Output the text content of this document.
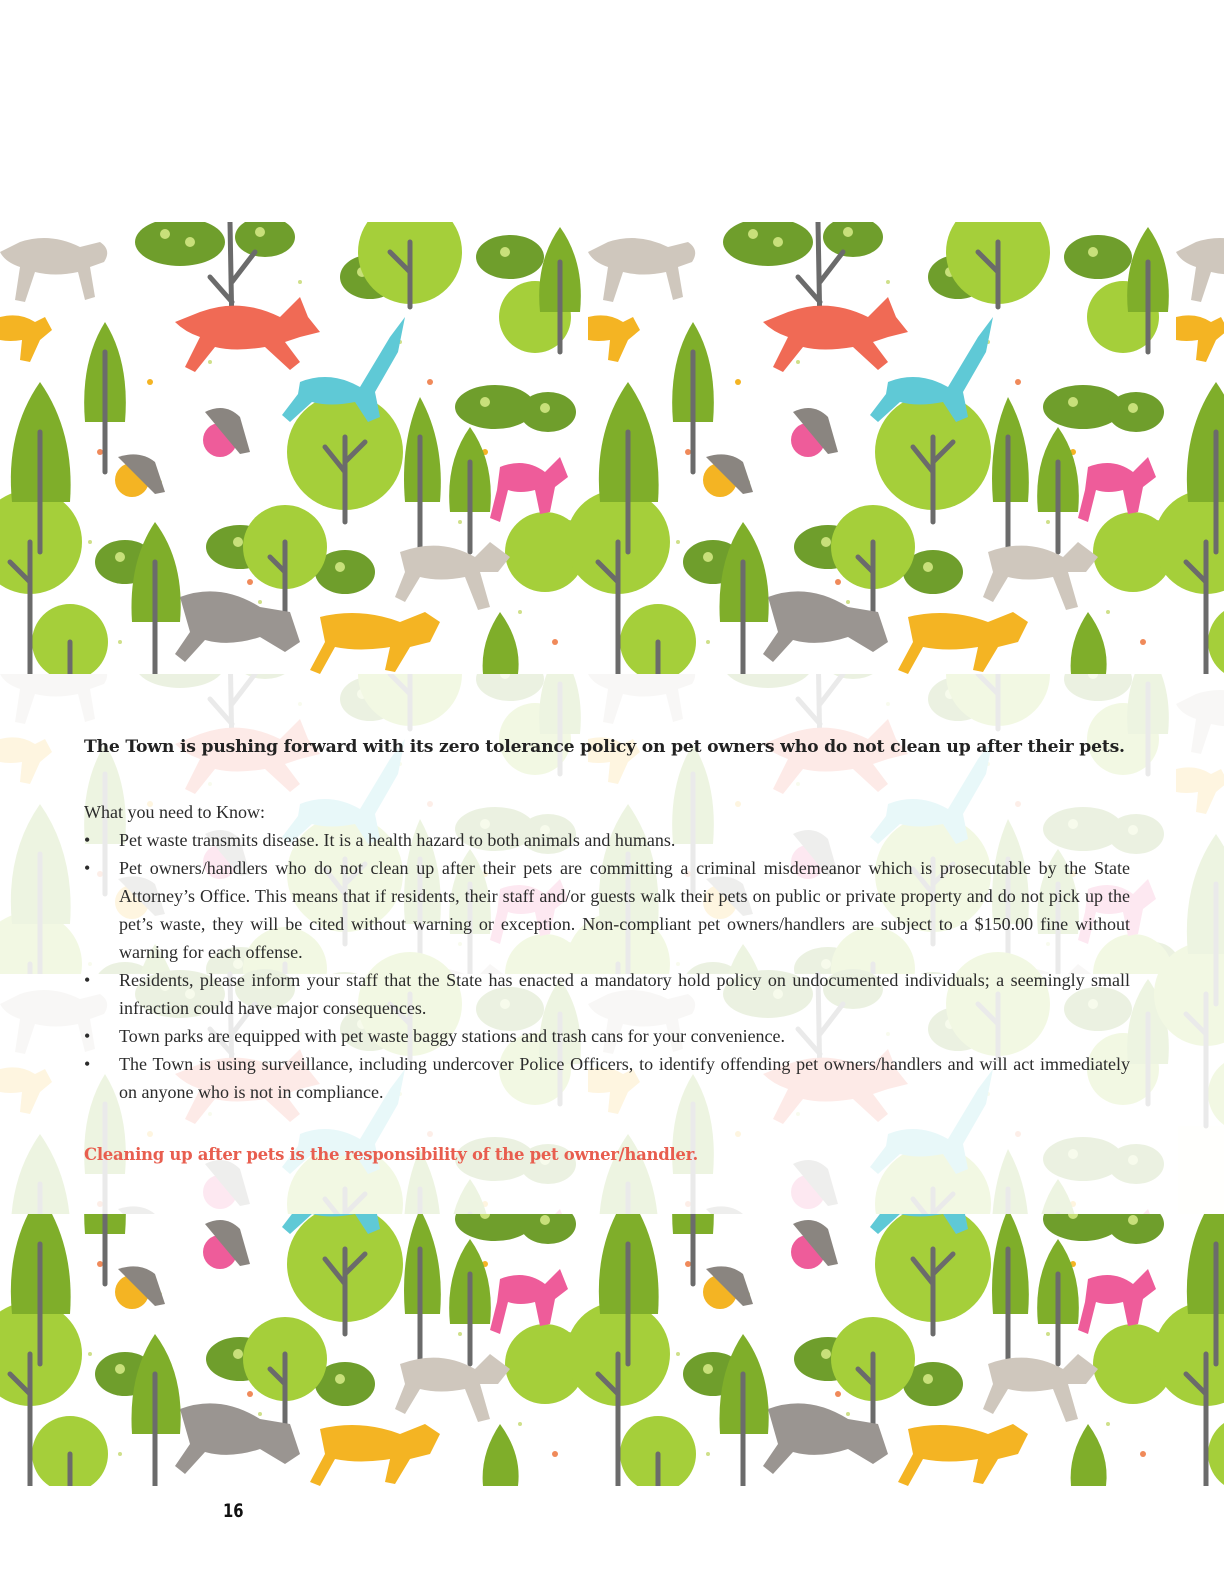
The Town is pushing forward with its zero tolerance policy on pet owners who do not clean up after their pets.

What you need to Know:

• Pet waste transmits disease. It is a health hazard to both animals and humans.
• Pet owners/handlers who do not clean up after their pets are committing a criminal misdemeanor which is prosecutable by the State Attorney’s Office. This means that if residents, their staff and/or guests walk their pets on public or private property and do not pick up the pet’s waste, they will be cited without warning or exception. Non-compliant pet owners/handlers are subject to a $150.00 fine without warning for each offense.
• Residents, please inform your staff that the State has enacted a mandatory hold policy on undocumented individuals; a seemingly small infraction could have major consequences.
• Town parks are equipped with pet waste baggy stations and trash cans for your convenience.
• The Town is using surveillance, including undercover Police Officers, to identify offending pet owners/handlers and will act immediately on anyone who is not in compliance.

Cleaning up after pets is the responsibility of the pet owner/handler.

16
